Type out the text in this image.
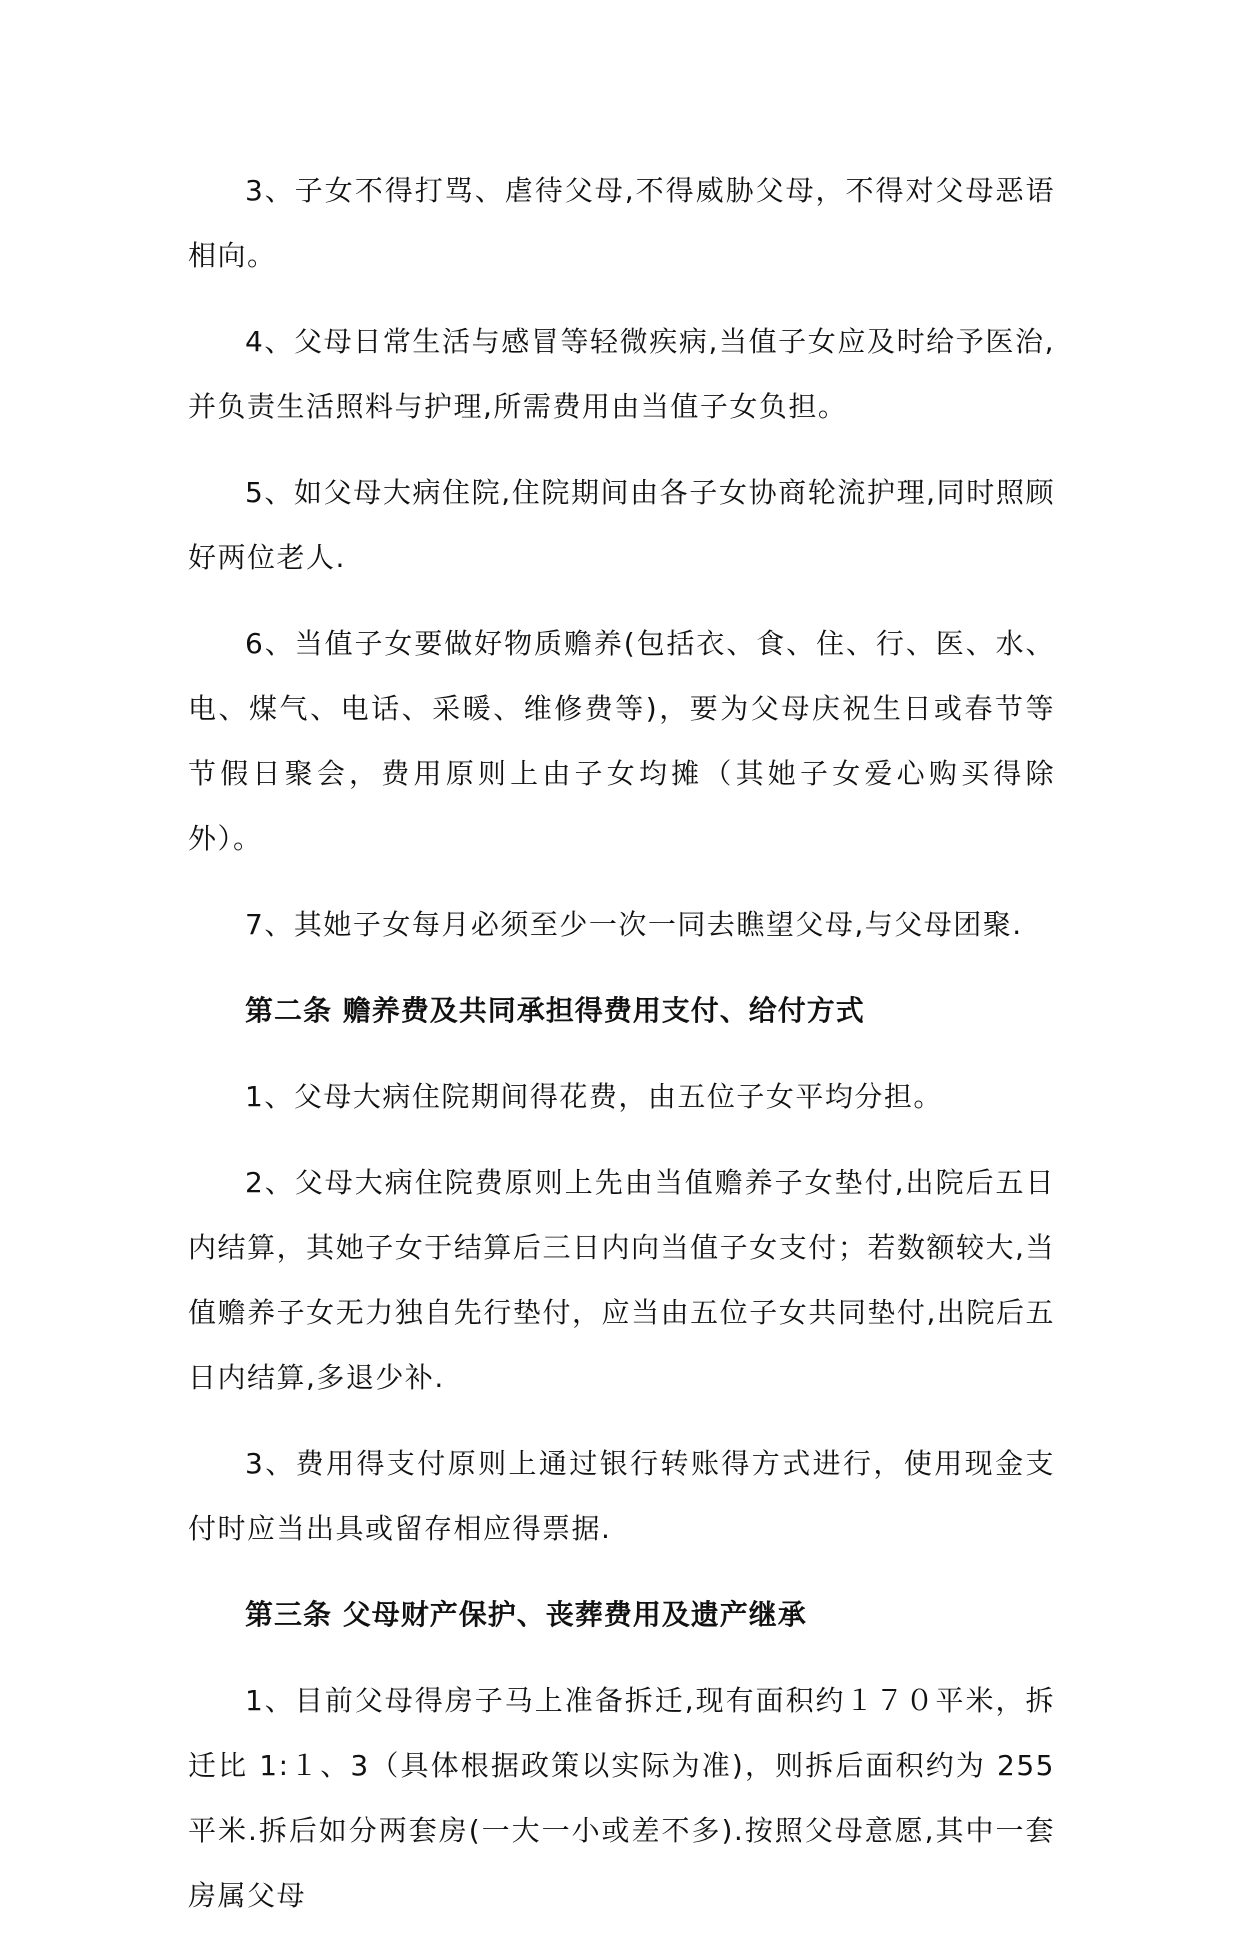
3、子女不得打骂、虐待父母,不得威胁父母，不得对父母恶语相向。

4、父母日常生活与感冒等轻微疾病,当值子女应及时给予医治,并负责生活照料与护理,所需费用由当值子女负担。

5、如父母大病住院,住院期间由各子女协商轮流护理,同时照顾好两位老人.

6、当值子女要做好物质赡养(包括衣、食、住、行、医、水、电、煤气、电话、采暖、维修费等)，要为父母庆祝生日或春节等节假日聚会，费用原则上由子女均摊（其她子女爱心购买得除外）。

7、其她子女每月必须至少一次一同去瞧望父母,与父母团聚.

第二条 赡养费及共同承担得费用支付、给付方式

1、父母大病住院期间得花费，由五位子女平均分担。

2、父母大病住院费原则上先由当值赡养子女垫付,出院后五日内结算，其她子女于结算后三日内向当值子女支付；若数额较大,当值赡养子女无力独自先行垫付，应当由五位子女共同垫付,出院后五日内结算,多退少补.

3、费用得支付原则上通过银行转账得方式进行，使用现金支付时应当出具或留存相应得票据.

第三条 父母财产保护、丧葬费用及遗产继承

1、目前父母得房子马上准备拆迁,现有面积约１７０平米，拆迁比 1:１、3（具体根据政策以实际为准)，则拆后面积约为 255 平米.拆后如分两套房(一大一小或差不多).按照父母意愿,其中一套房属父母
